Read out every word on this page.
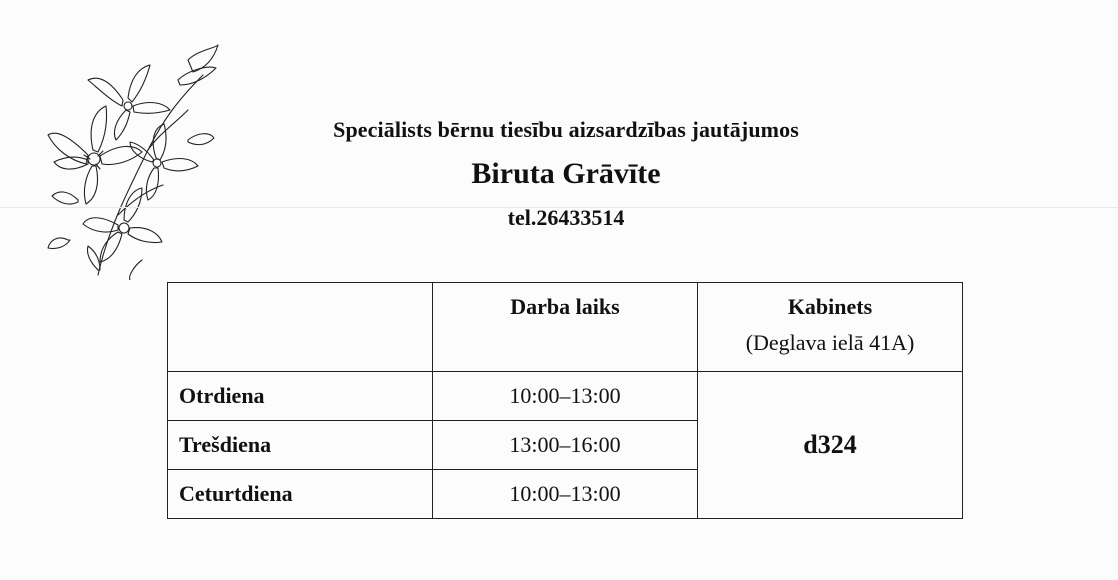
Speciālists bērnu tiesību aizsardzības jautājumos
Biruta Grāvīte
tel.26433514

	Darba laiks	Kabinets
(Deglava ielā 41A)

Otrdiena	10:00–13:00	d324
Trešdiena	13:00–16:00	
Ceturtdiena	10:00–13:00	
